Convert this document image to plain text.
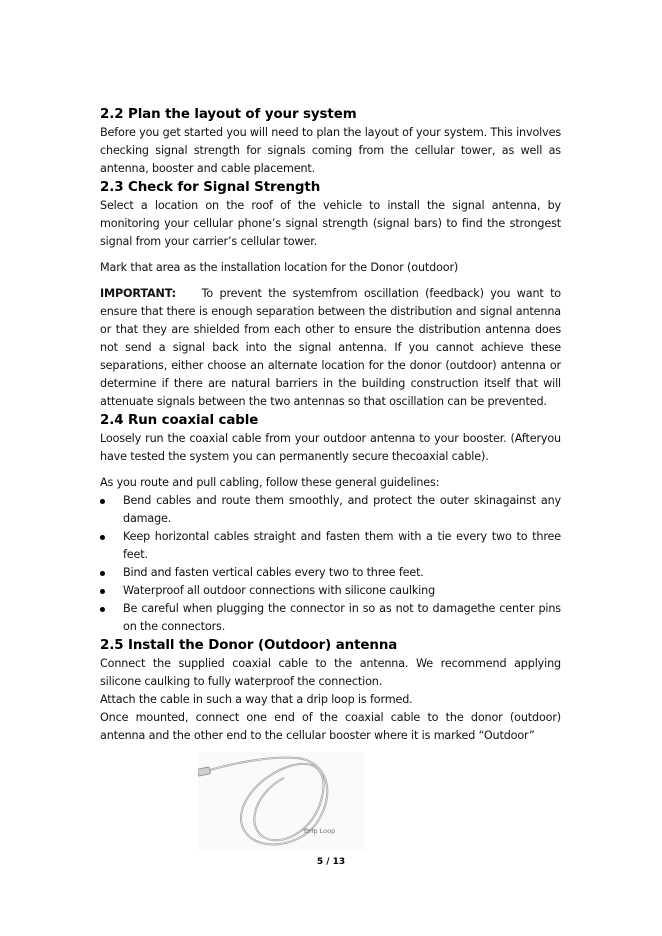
2.2 Plan the layout of your system

Before you get started you will need to plan the layout of your system. This involves checking signal strength for signals coming from the cellular tower, as well as antenna, booster and cable placement.

2.3 Check for Signal Strength

Select a location on the roof of the vehicle to install the signal antenna, by monitoring your cellular phone’s signal strength (signal bars) to find the strongest signal from your carrier’s cellular tower.

Mark that area as the installation location for the Donor (outdoor)

IMPORTANT: To prevent the systemfrom oscillation (feedback) you want to ensure that there is enough separation between the distribution and signal antenna or that they are shielded from each other to ensure the distribution antenna does not send a signal back into the signal antenna. If you cannot achieve these separations, either choose an alternate location for the donor (outdoor) antenna or determine if there are natural barriers in the building construction itself that will attenuate signals between the two antennas so that oscillation can be prevented.

2.4 Run coaxial cable

Loosely run the coaxial cable from your outdoor antenna to your booster. (Afteryou have tested the system you can permanently secure thecoaxial cable).

As you route and pull cabling, follow these general guidelines:

Bend cables and route them smoothly, and protect the outer skinagainst any damage.
Keep horizontal cables straight and fasten them with a tie every two to three feet.
Bind and fasten vertical cables every two to three feet.
Waterproof all outdoor connections with silicone caulking
Be careful when plugging the connector in so as not to damagethe center pins on the connectors.
2.5 Install the Donor (Outdoor) antenna

Connect the supplied coaxial cable to the antenna. We recommend applying silicone caulking to fully waterproof the connection.

Attach the cable in such a way that a drip loop is formed.

Once mounted, connect one end of the coaxial cable to the donor (outdoor) antenna and the other end to the cellular booster where it is marked “Outdoor”

Drip Loop
5 / 13
